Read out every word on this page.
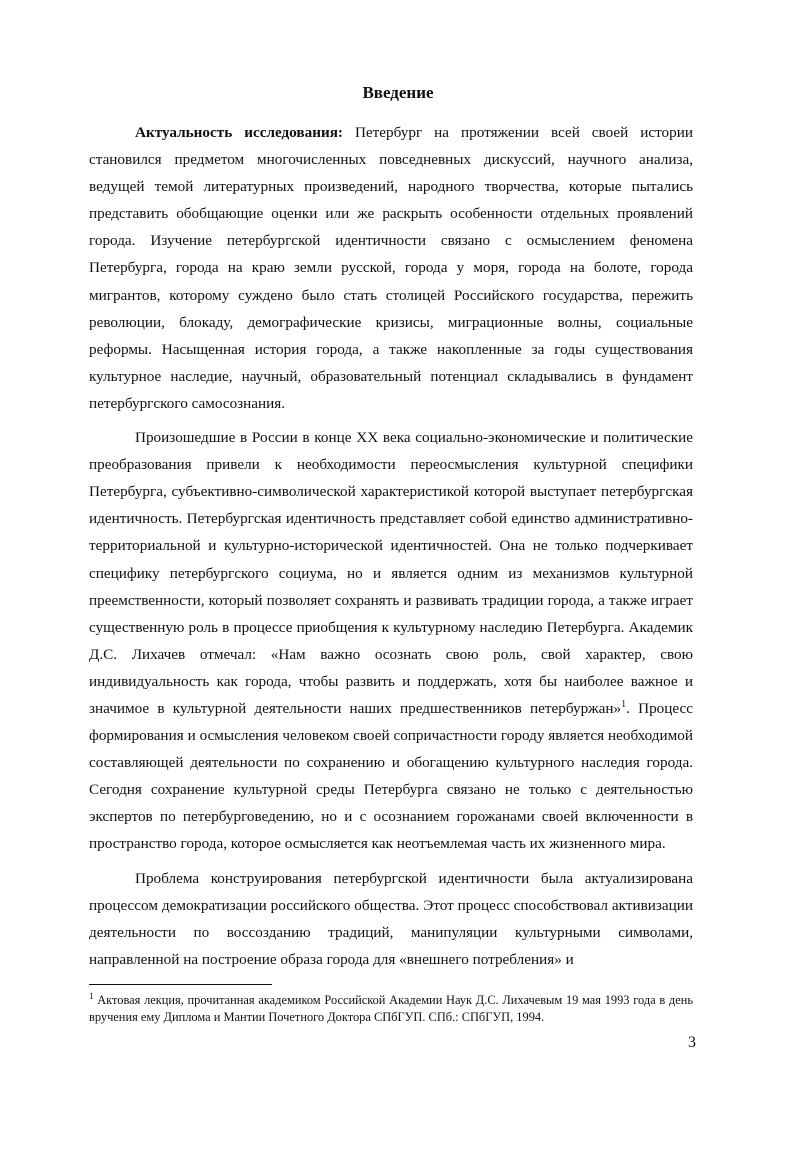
Введение

Актуальность исследования: Петербург на протяжении всей своей истории становился предметом многочисленных повседневных дискуссий, научного анализа, ведущей темой литературных произведений, народного творчества, которые пытались представить обобщающие оценки или же раскрыть особенности отдельных проявлений города. Изучение петербургской идентичности связано с осмыслением феномена Петербурга, города на краю земли русской, города у моря, города на болоте, города мигрантов, которому суждено было стать столицей Российского государства, пережить революции, блокаду, демографические кризисы, миграционные волны, социальные реформы. Насыщенная история города, а также накопленные за годы существования культурное наследие, научный, образовательный потенциал складывались в фундамент петербургского самосознания.

Произошедшие в России в конце XX века социально-экономические и политические преобразования привели к необходимости переосмысления культурной специфики Петербурга, субъективно-символической характеристикой которой выступает петербургская идентичность. Петербургская идентичность представляет собой единство административно-территориальной и культурно-исторической идентичностей. Она не только подчеркивает специфику петербургского социума, но и является одним из механизмов культурной преемственности, который позволяет сохранять и развивать традиции города, а также играет существенную роль в процессе приобщения к культурному наследию Петербурга. Академик Д.С. Лихачев отмечал: «Нам важно осознать свою роль, свой характер, свою индивидуальность как города, чтобы развить и поддержать, хотя бы наиболее важное и значимое в культурной деятельности наших предшественников петербуржан»$^1$. Процесс формирования и осмысления человеком своей сопричастности городу является необходимой составляющей деятельности по сохранению и обогащению культурного наследия города. Сегодня сохранение культурной среды Петербурга связано не только с деятельностью экспертов по петербурговедению, но и с осознанием горожанами своей включенности в пространство города, которое осмысляется как неотъемлемая часть их жизненного мира.

Проблема конструирования петербургской идентичности была актуализирована процессом демократизации российского общества. Этот процесс способствовал активизации деятельности по воссозданию традиций, манипуляции культурными символами, направленной на построение образа города для «внешнего потребления» и

$^1$ Актовая лекция, прочитанная академиком Российской Академии Наук Д.С. Лихачевым 19 мая 1993 года в день вручения ему Диплома и Мантии Почетного Доктора СПбГУП. СПб.: СПбГУП, 1994.
3
